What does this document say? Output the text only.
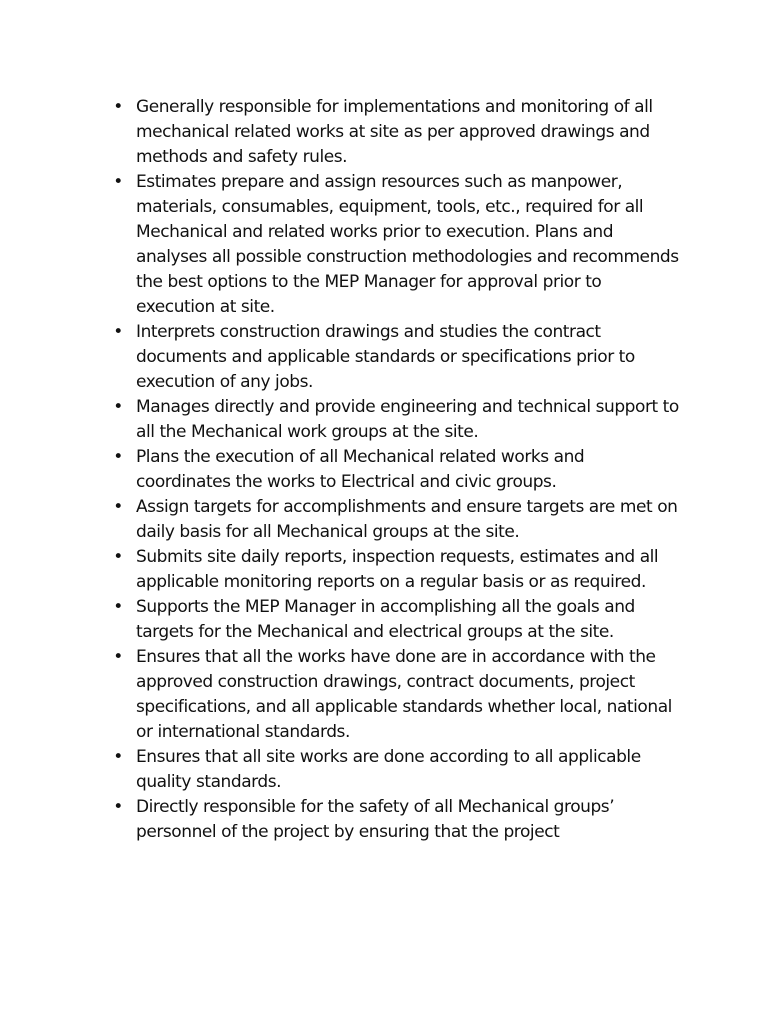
• Generally responsible for implementations and monitoring of all mechanical related works at site as per approved drawings and methods and safety rules.
• Estimates prepare and assign resources such as manpower, materials, consumables, equipment, tools, etc., required for all Mechanical and related works prior to execution. Plans and analyses all possible construction methodologies and recommends the best options to the MEP Manager for approval prior to execution at site.
• Interprets construction drawings and studies the contract documents and applicable standards or specifications prior to execution of any jobs.
• Manages directly and provide engineering and technical support to all the Mechanical work groups at the site.
• Plans the execution of all Mechanical related works and coordinates the works to Electrical and civic groups.
• Assign targets for accomplishments and ensure targets are met on daily basis for all Mechanical groups at the site.
• Submits site daily reports, inspection requests, estimates and all applicable monitoring reports on a regular basis or as required.
• Supports the MEP Manager in accomplishing all the goals and targets for the Mechanical and electrical groups at the site.
• Ensures that all the works have done are in accordance with the approved construction drawings, contract documents, project specifications, and all applicable standards whether local, national or international standards.
• Ensures that all site works are done according to all applicable quality standards.
• Directly responsible for the safety of all Mechanical groups’ personnel of the project by ensuring that the project
